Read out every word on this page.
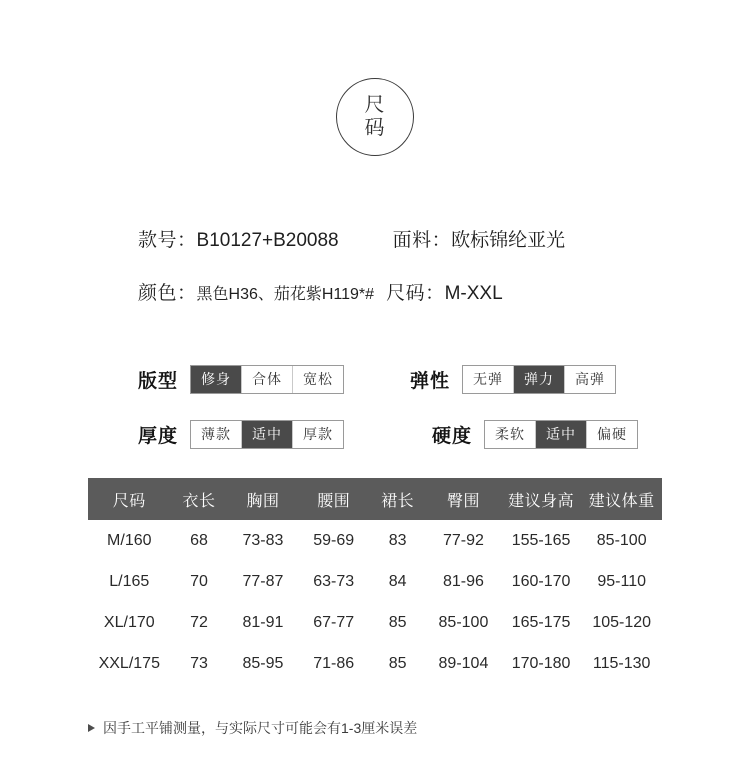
尺
码
款号： B10127+B20088	面料： 欧标锦纶亚光
颜色： 黑色H36、茄花紫H119*# 尺码： M-XXL
版型	修身	合体	宽松	弹性	无弹	弹力	高弹
厚度	薄款	适中	厚款	硬度	柔软	适中	偏硬
尺码	衣长	胸围	腰围	裙长	臀围	建议身高 建议体重
M/160	68	73-83	59-69	83	77-92	155-165	85-100
L/165	70	77-87	63-73	84	81-96	160-170	95-110
XL/170	72	81-91	67-77	85	85-100	165-175	105-120
XXL/175	73	85-95	71-86	85	89-104	170-180	115-130
因手工平铺测量，与实际尺寸可能会有1-3厘米误差
